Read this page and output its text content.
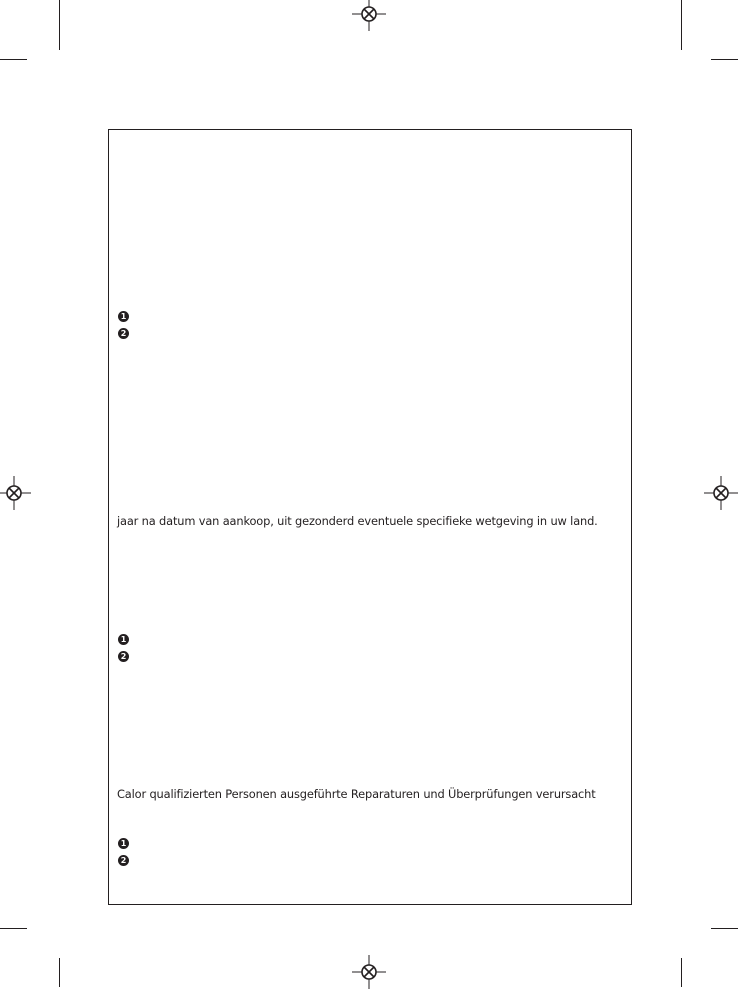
1
2
jaar na datum van aankoop, uit gezonderd eventuele specifieke wetgeving in uw land.
1
2
Calor qualifizierten Personen ausgeführte Reparaturen und Überprüfungen verursacht
1
2
